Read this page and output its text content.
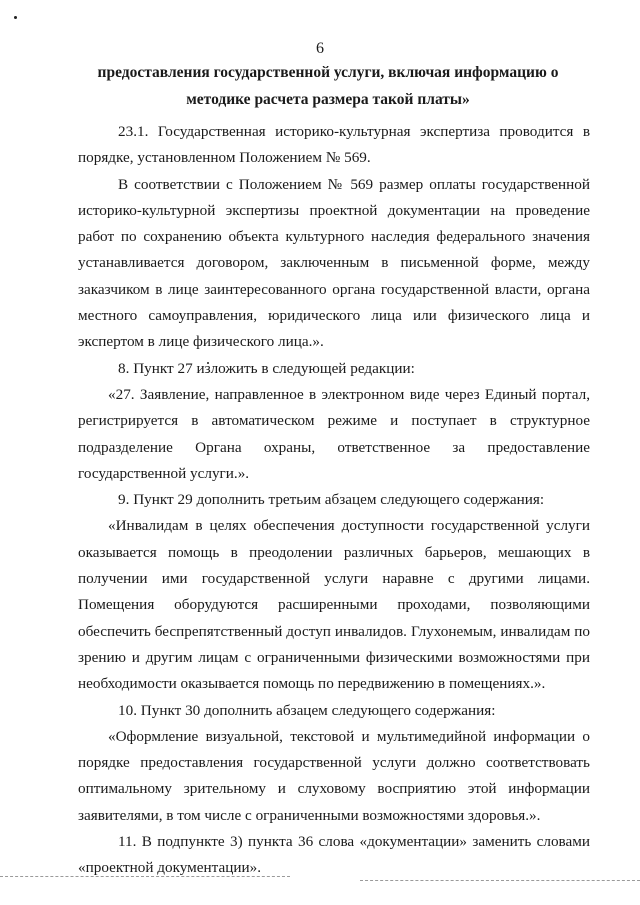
6
предоставления государственной услуги, включая информацию о
методике расчета размера такой платы»

23.1. Государственная историко-культурная экспертиза проводится в порядке, установленном Положением № 569.

В соответствии с Положением № 569 размер оплаты государственной историко-культурной экспертизы проектной документации на проведение работ по сохранению объекта культурного наследия федерального значения устанавливается договором, заключенным в письменной форме, между заказчиком в лице заинтересованного органа государственной власти, органа местного самоуправления, юридического лица или физического лица и экспертом в лице физического лица.».

8. Пункт 27 изложить в следующей редакции:

«27. Заявление, направленное в электронном виде через Единый портал, регистрируется в автоматическом режиме и поступает в структурное подразделение Органа охраны, ответственное за предоставление государственной услуги.».

9. Пункт 29 дополнить третьим абзацем следующего содержания:

«Инвалидам в целях обеспечения доступности государственной услуги оказывается помощь в преодолении различных барьеров, мешающих в получении ими государственной услуги наравне с другими лицами. Помещения оборудуются расширенными проходами, позволяющими обеспечить беспрепятственный доступ инвалидов. Глухонемым, инвалидам по зрению и другим лицам с ограниченными физическими возможностями при необходимости оказывается помощь по передвижению в помещениях.».

10. Пункт 30 дополнить абзацем следующего содержания:

«Оформление визуальной, текстовой и мультимедийной информации о порядке предоставления государственной услуги должно соответствовать оптимальному зрительному и слуховому восприятию этой информации заявителями, в том числе с ограниченными возможностями здоровья.».

11. В подпункте 3) пункта 36 слова «документации» заменить словами «проектной документации».
